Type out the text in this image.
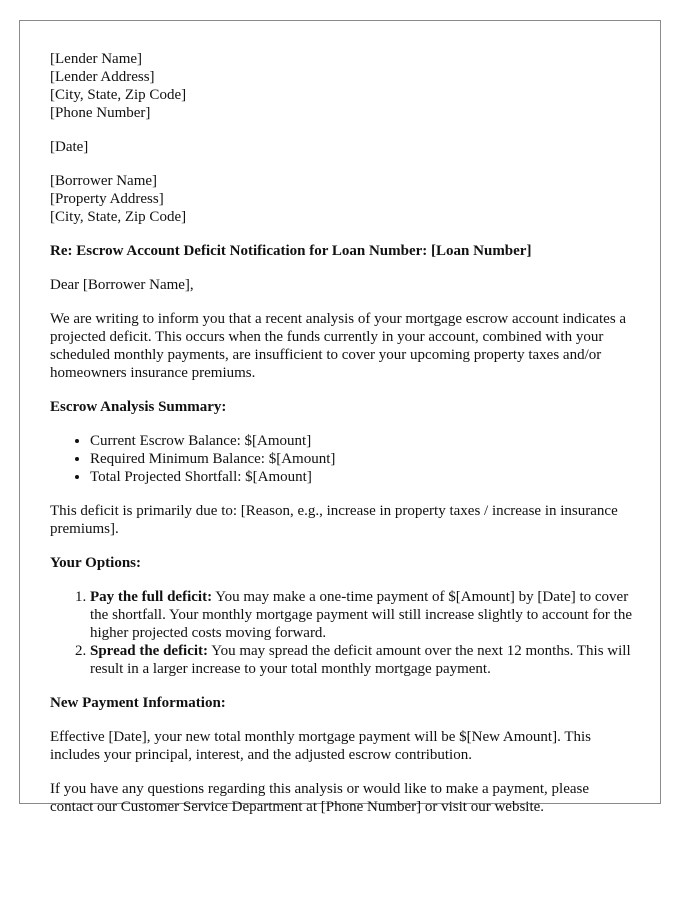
[Lender Name]
[Lender Address]
[City, State, Zip Code]
[Phone Number]

[Date]

[Borrower Name]
[Property Address]
[City, State, Zip Code]

Re: Escrow Account Deficit Notification for Loan Number: [Loan Number]

Dear [Borrower Name],

We are writing to inform you that a recent analysis of your mortgage escrow account indicates a projected deficit. This occurs when the funds currently in your account, combined with your scheduled monthly payments, are insufficient to cover your upcoming property taxes and/or homeowners insurance premiums.

Escrow Analysis Summary:

• Current Escrow Balance: $[Amount]
• Required Minimum Balance: $[Amount]
• Total Projected Shortfall: $[Amount]

This deficit is primarily due to: [Reason, e.g., increase in property taxes / increase in insurance premiums].

Your Options:

1. Pay the full deficit: You may make a one-time payment of $[Amount] by [Date] to cover the shortfall. Your monthly mortgage payment will still increase slightly to account for the higher projected costs moving forward.
2. Spread the deficit: You may spread the deficit amount over the next 12 months. This will result in a larger increase to your total monthly mortgage payment.

New Payment Information:

Effective [Date], your new total monthly mortgage payment will be $[New Amount]. This includes your principal, interest, and the adjusted escrow contribution.

If you have any questions regarding this analysis or would like to make a payment, please contact our Customer Service Department at [Phone Number] or visit our website.
